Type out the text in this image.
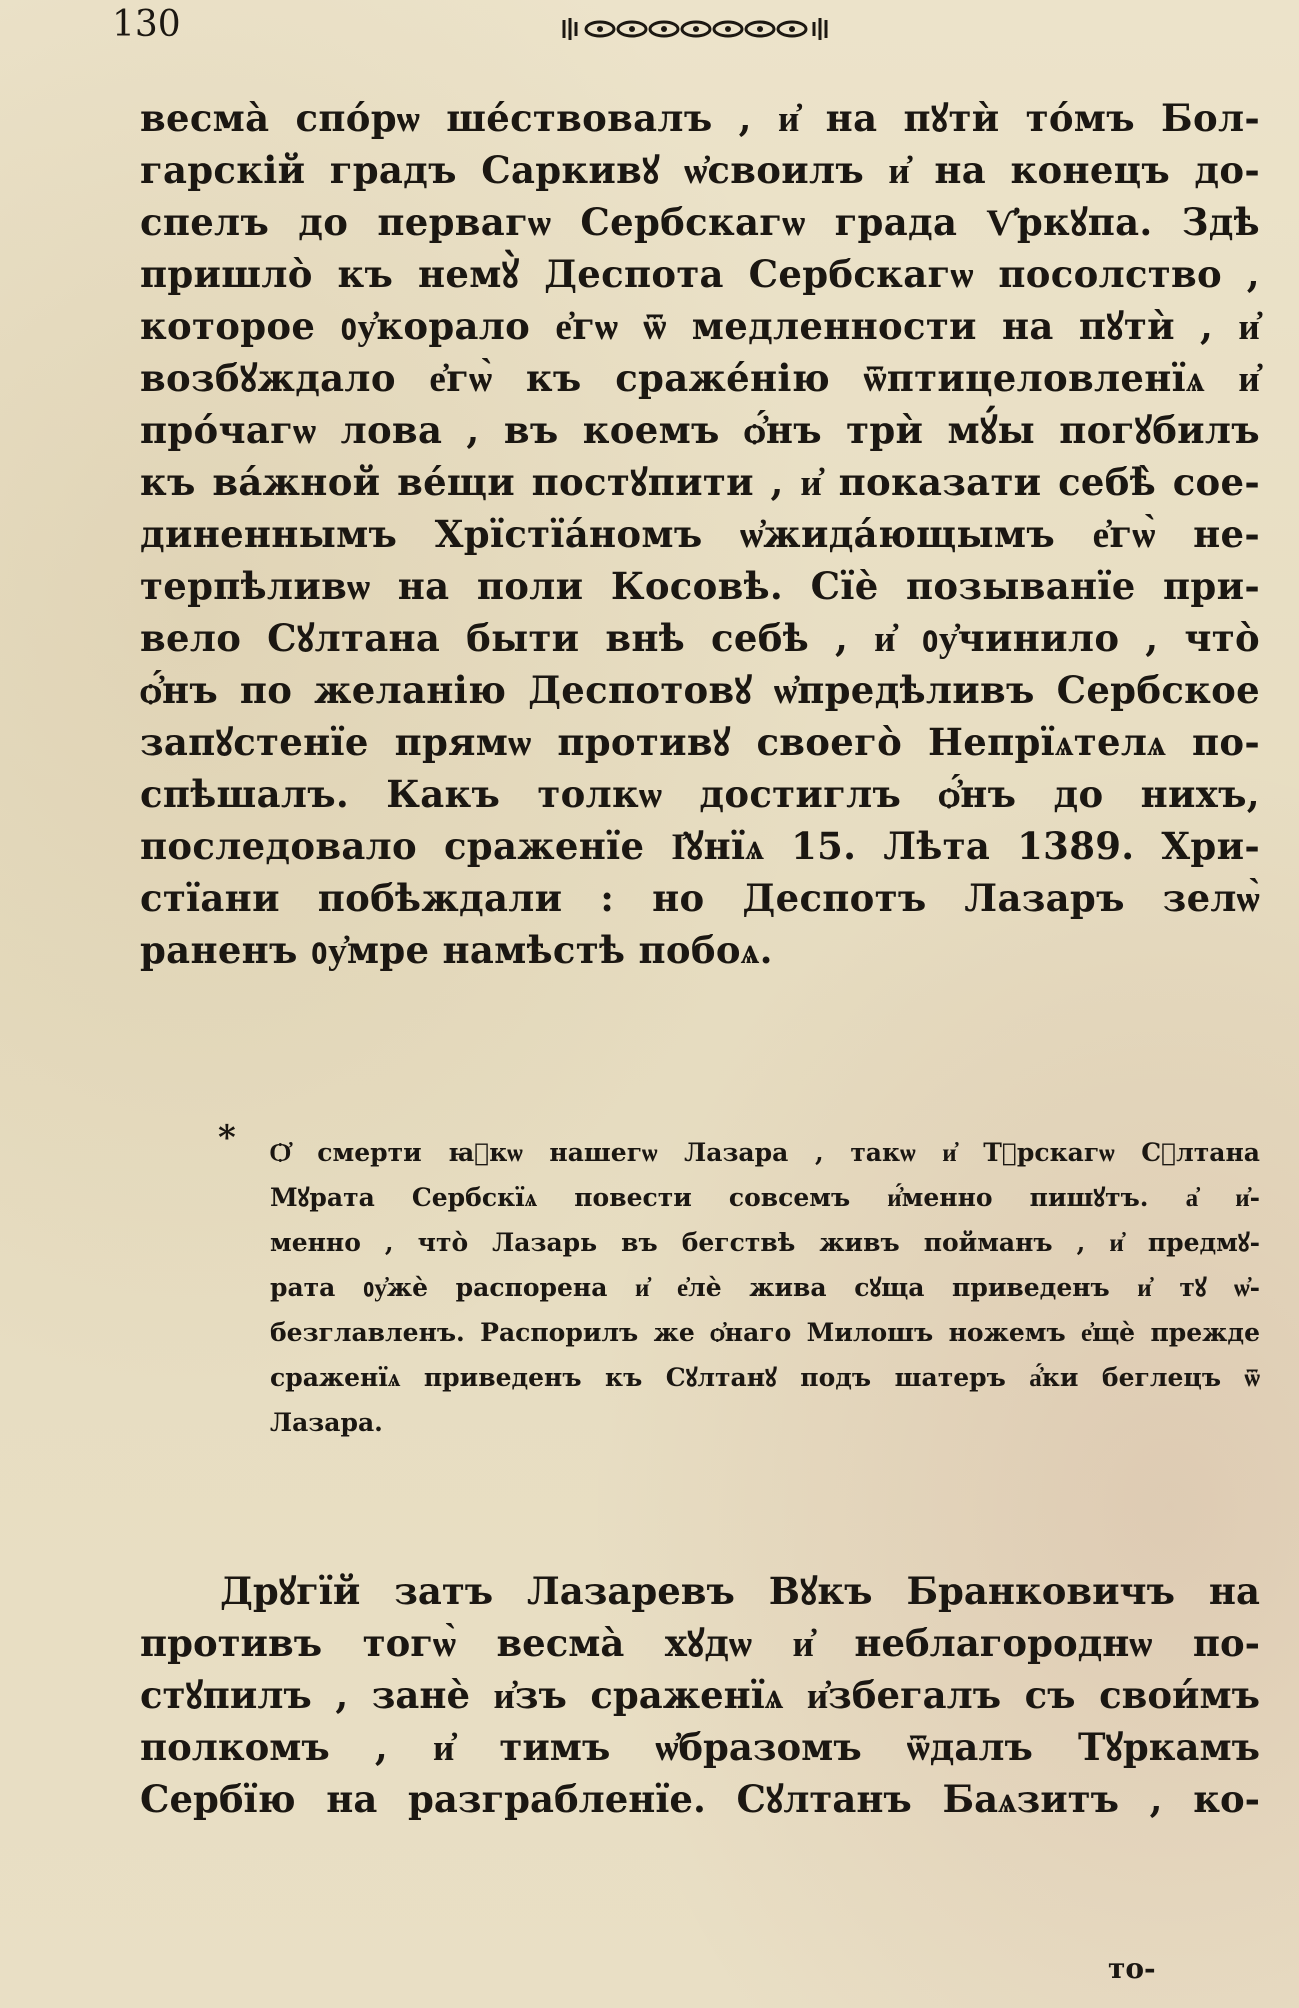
130
весма̀ спо́рѡ ше́ствовалъ , и҆ на пꙋтѝ то́мъ Бол-
гарскій градъ Саркивꙋ ѡ҆своилъ и҆ на конецъ до-
спелъ до первагѡ Сербскагѡ града Ѵ҆ркꙋпа. Здѣ
пришло̀ къ немꙋ̀ Деспота Сербскагѡ посолство ,
которое ᲂу҆корало е҆гѡ ѿ медленности на пꙋтѝ , и҆
возбꙋждало е҆гѡ̀ къ сраже́нію ѿптицеловленїѧ и҆
про́чагѡ лова , въ коемъ ѻ҆́нъ трѝ мꙋ́ы погꙋбилъ
къ ва́жной ве́щи постꙋпити , и҆ показати себѣ̀ сое-
диненнымъ Хрїстїа́номъ ѡ҆жида́ющымъ е҆гѡ̀ не-
терпѣливѡ на поли Косовѣ. Сїѐ позыванїе при-
вело Сꙋлтана быти внѣ себѣ , и҆ ᲂу҆чинило , что̀
ѻ҆́нъ по желанію Деспотовꙋ ѡ҆предѣливъ Сербское
запꙋстенїе прямѡ противꙋ своего̀ Непрїѧтелѧ по-
спѣшалъ. Какъ толкѡ достиглъ ѻ҆́нъ до нихъ,
последовало сраженїе І҆ꙋнїѧ 15. Лѣта 1389. Хри-
стїани побѣждали : но Деспотъ Лазаръ зелѡ̀
раненъ ᲂу҆мре намѣстѣ побоѧ.
* Ѻ҆ смерти ꙗ҆кѡ нашегѡ Лазара , такѡ и҆ Тꙋрскагѡ Сꙋлтана
Мꙋрата Сербскїѧ повести совсемъ и҆́менно пишꙋтъ. а҆ и҆-
менно , что̀ Лазарь въ бегствѣ живъ пойманъ , и҆ предмꙋ-
рата ᲂу҆жѐ распорена и҆ е҆лѐ жива сꙋща приведенъ и҆ тꙋ ѡ҆-
безглавленъ. Распорилъ же ѻ҆наго Милошъ ножемъ е҆щѐ прежде
сраженїѧ приведенъ къ Сꙋлтанꙋ подъ шатеръ а҆́ки беглецъ ѿ
Лазара.
Дрꙋгїй затъ Лазаревъ Вꙋкъ Бранковичъ на
противъ тогѡ̀ весма̀ хꙋдѡ и҆ неблагороднѡ по-
стꙋпилъ , занѐ и҆зъ сраженїѧ и҆збегалъ съ свои́мъ
полкомъ , и҆ тимъ ѡ҆бразомъ ѿдалъ Тꙋркамъ
Сербїю на разграбленїе. Сꙋлтанъ Баѧзитъ , ко-
то-
